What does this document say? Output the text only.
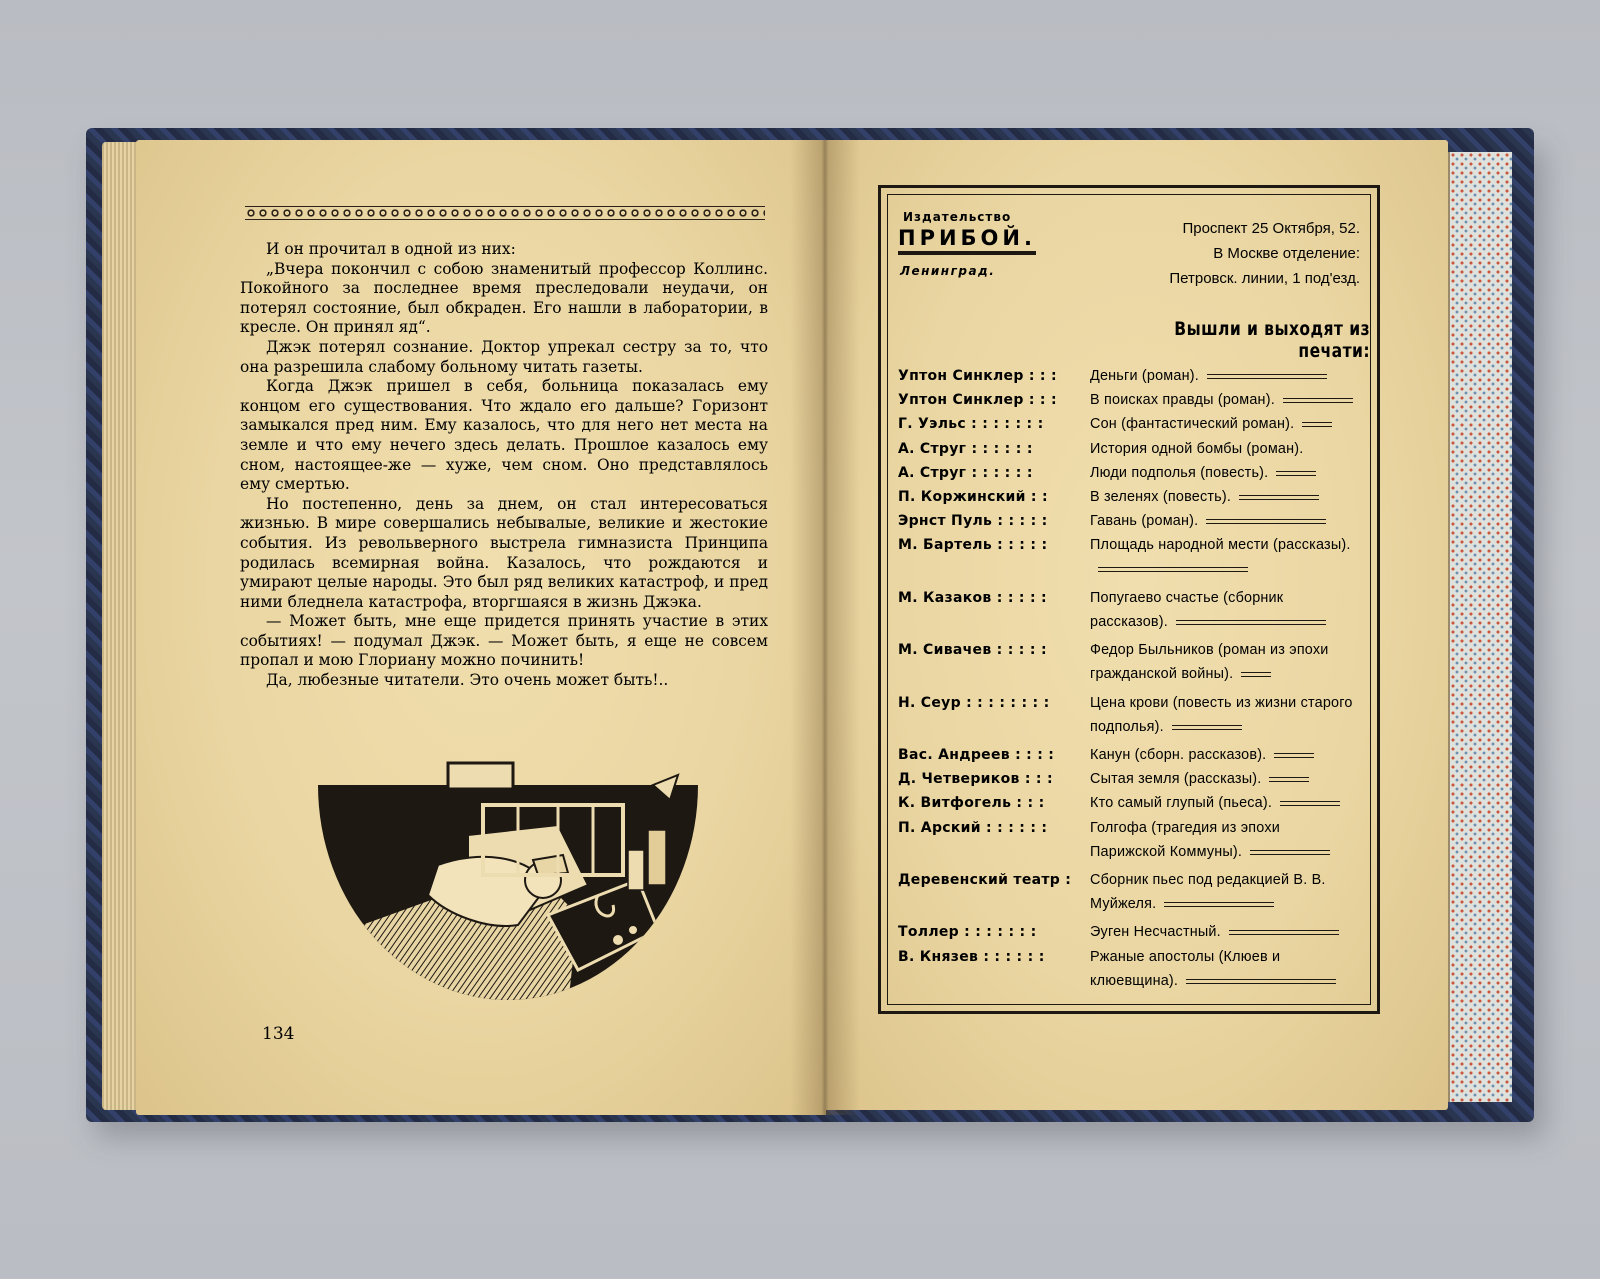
И он прочитал в одной из них:

„Вчера покончил с собою знаменитый профессор Коллинс. Покойного за последнее время преследовали неудачи, он потерял состояние, был обкраден. Его нашли в лаборатории, в кресле. Он принял яд“.

Джэк потерял сознание. Доктор упрекал сестру за то, что она разрешила слабому больному читать газеты.

Когда Джэк пришел в себя, больница показалась ему концом его существования. Что ждало его дальше? Горизонт замыкался пред ним. Ему казалось, что для него нет места на земле и что ему нечего здесь делать. Прошлое казалось ему сном, настоящее-же — хуже, чем сном. Оно представлялось ему смертью.

Но постепенно, день за днем, он стал интересоваться жизнью. В мире совершались небывалые, великие и жестокие события. Из револьверного выстрела гимназиста Принципа родилась всемирная война. Казалось, что рождаются и умирают целые народы. Это был ряд великих катастроф, и пред ними бледнела катастрофа, вторгшаяся в жизнь Джэка.

— Может быть, мне еще придется принять участие в этих событиях! — подумал Джэк. — Может быть, я еще не совсем пропал и мою Глориану можно починить!

Да, любезные читатели. Это очень может быть!..

134
Издательство
ПРИБОЙ.
Ленинград.
Проспект 25 Октября, 52.
В Москве отделение:
Петровск. линии, 1 под'езд.
Вышли и выходят из печати:
Уптон Синклер : : :	Деньги (роман).
Уптон Синклер : : :	В поисках правды (роман).
Г. Уэльс : : : : : : :	Сон (фантастический роман).
А. Струг : : : : : :	История одной бомбы (роман).
А. Струг : : : : : :	Люди подполья (повесть).
П. Коржинский : :	В зеленях (повесть).
Эрнст Пуль : : : : :	Гавань (роман).
М. Бартель : : : : :	Площадь народной мести (рассказы).
М. Казаков : : : : :	Попугаево счастье (сборник рассказов).
М. Сивачев : : : : :	Федор Быльников (роман из эпохи гражданской войны).
Н. Сеур : : : : : : : :	Цена крови (повесть из жизни старого подполья).
Вас. Андреев : : : :	Канун (сборн. рассказов).
Д. Четвериков : : :	Сытая земля (рассказы).
К. Витфогель : : :	Кто самый глупый (пьеса).
П. Арский : : : : : :	Голгофа (трагедия из эпохи Парижской Коммуны).
Деревенский театр :	Сборник пьес под редакцией В. В. Муйжеля.
Толлер : : : : : : :	Эуген Несчастный.
В. Князев : : : : : :	Ржаные апостолы (Клюев и клюевщина).
